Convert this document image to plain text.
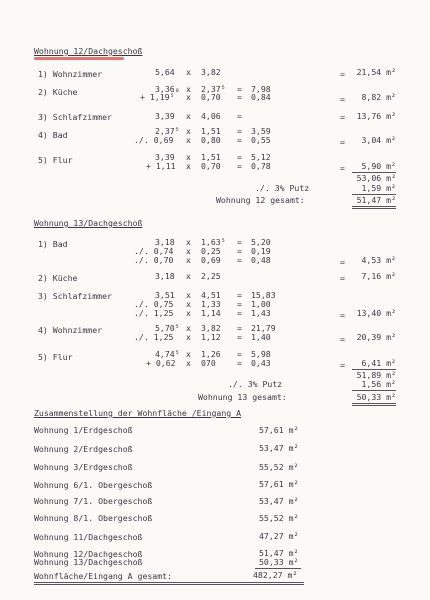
Wohnung 12/Dachgeschoß
1) Wohnzimmer	5,64 x 3,82	= 21,54 m²
2) Küche	3,36₀ x 2,37⁵ = 7,98
+ 1,19⁵ x 0,70 = 0,84	= 8,82 m²
3) Schlafzimmer	3,39 x 4,06 =	= 13,76 m²
4) Bad	2,37⁵ x 1,51 = 3,59
./. 0,69 x 0,80 = 0,55	= 3,04 m²
5) Flur	3,39 x 1,51 = 5,12
+ 1,11 x 0,70 = 0,78	= 5,90 m²
53,06 m²
./. 3% Putz	1,59 m²
Wohnung 12 gesamt:	51,47 m²
Wohnung 13/Dachgeschoß
1) Bad	3,18 x 1,63⁵ = 5,20
./. 0,74 x 0,25 = 0,19
./. 0,70 x 0,69 = 0,48	= 4,53 m²
2) Küche	3,18 x 2,25	= 7,16 m²
3) Schlafzimmer	3,51 x 4,51 = 15,83
./. 0,75 x 1,33 = 1,00
./. 1,25 x 1,14 = 1,43	= 13,40 m²
4) Wohnzimmer	5,70⁵ x 3,82 = 21,79
./. 1,25 x 1,12 = 1,40	= 20,39 m²
5) Flur	4,74⁵ x 1,26 = 5,98
+ 0,62 x 070	= 0,43	= 6,41 m²
51,89 m²
./. 3% Putz	1,56 m²
Wohnung 13 gesamt:	50,33 m²
Zusammenstellung der Wohnfläche /Eingang A
Wohnung 1/Erdgeschoß	57,61 m²
Wohnung 2/Erdgeschoß	53,47 m²
Wohnung 3/Erdgeschoß	55,52 m²
Wohnung 6/1. Obergeschoß	57,61 m²
Wohnung 7/1. Obergeschoß	53,47 m²
Wohnung 8/1. Obergeschoß	55,52 m²
Wohnung 11/Dachgeschoß	47,27 m²
Wohnung 12/Dachgeschoß	51,47 m²
Wohnung 13/Dachgeschoß	50,33 m²
Wohnfläche/Eingang A gesamt:	482,27 m²
